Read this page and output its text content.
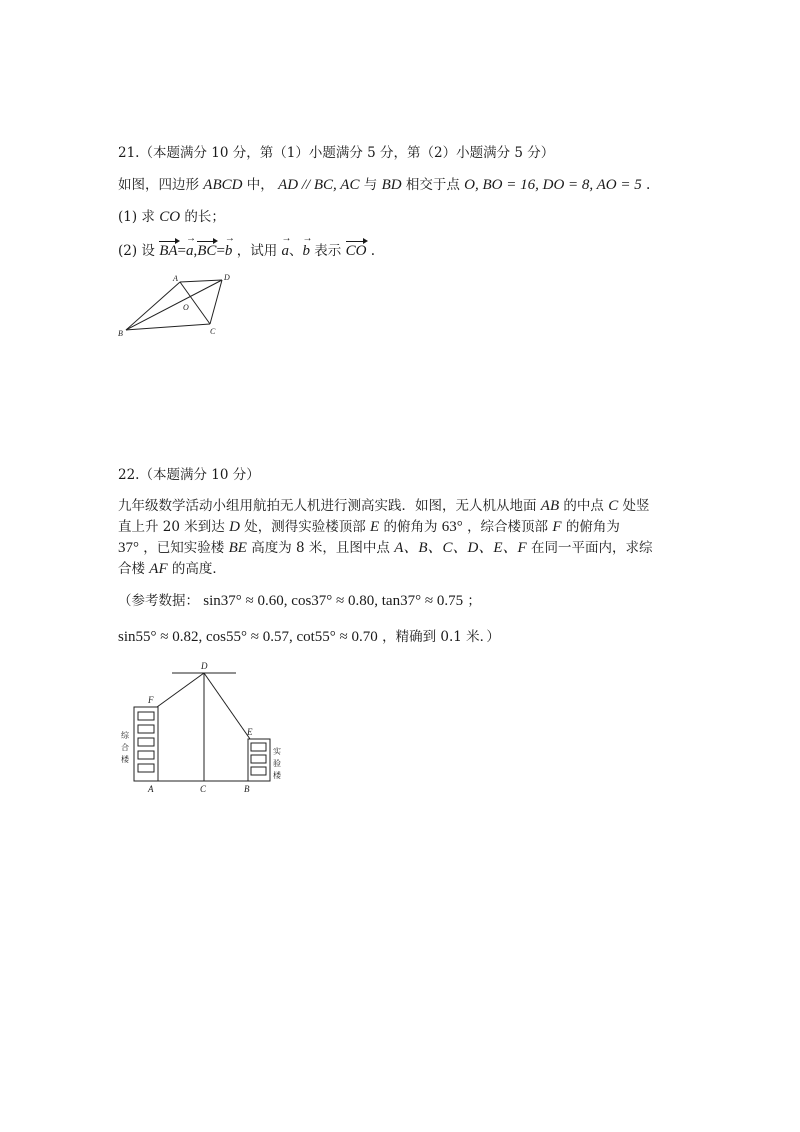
21.（本题满分 10 分，第（1）小题满分 5 分，第（2）小题满分 5 分）
如图，四边形 ABCD 中， AD // BC, AC 与 BD 相交于点 O, BO = 16, DO = 8, AO = 5 .
(1) 求 CO 的长；
(2) 设 BA=a →,BC=b → ，试用 a →、b → 表示 CO .
A	D
B	C
O
22.（本题满分 10 分）
九年级数学活动小组用航拍无人机进行测高实践．如图，无人机从地面 AB 的中点 C 处竖
直上升 20 米到达 D 处，测得实验楼顶部 E 的俯角为 63° ，综合楼顶部 F 的俯角为
37° ，已知实验楼 BE 高度为 8 米，且图中点 A、B、C、D、E、F 在同一平面内，求综
合楼 AF 的高度．
（参考数据： sin37° ≈ 0.60, cos37° ≈ 0.80, tan37° ≈ 0.75 ；
sin55° ≈ 0.82, cos55° ≈ 0.57, cot55° ≈ 0.70 ，精确到 0.1 米．）
D
F
E
A	C	B
综
合
楼
实
验
楼
